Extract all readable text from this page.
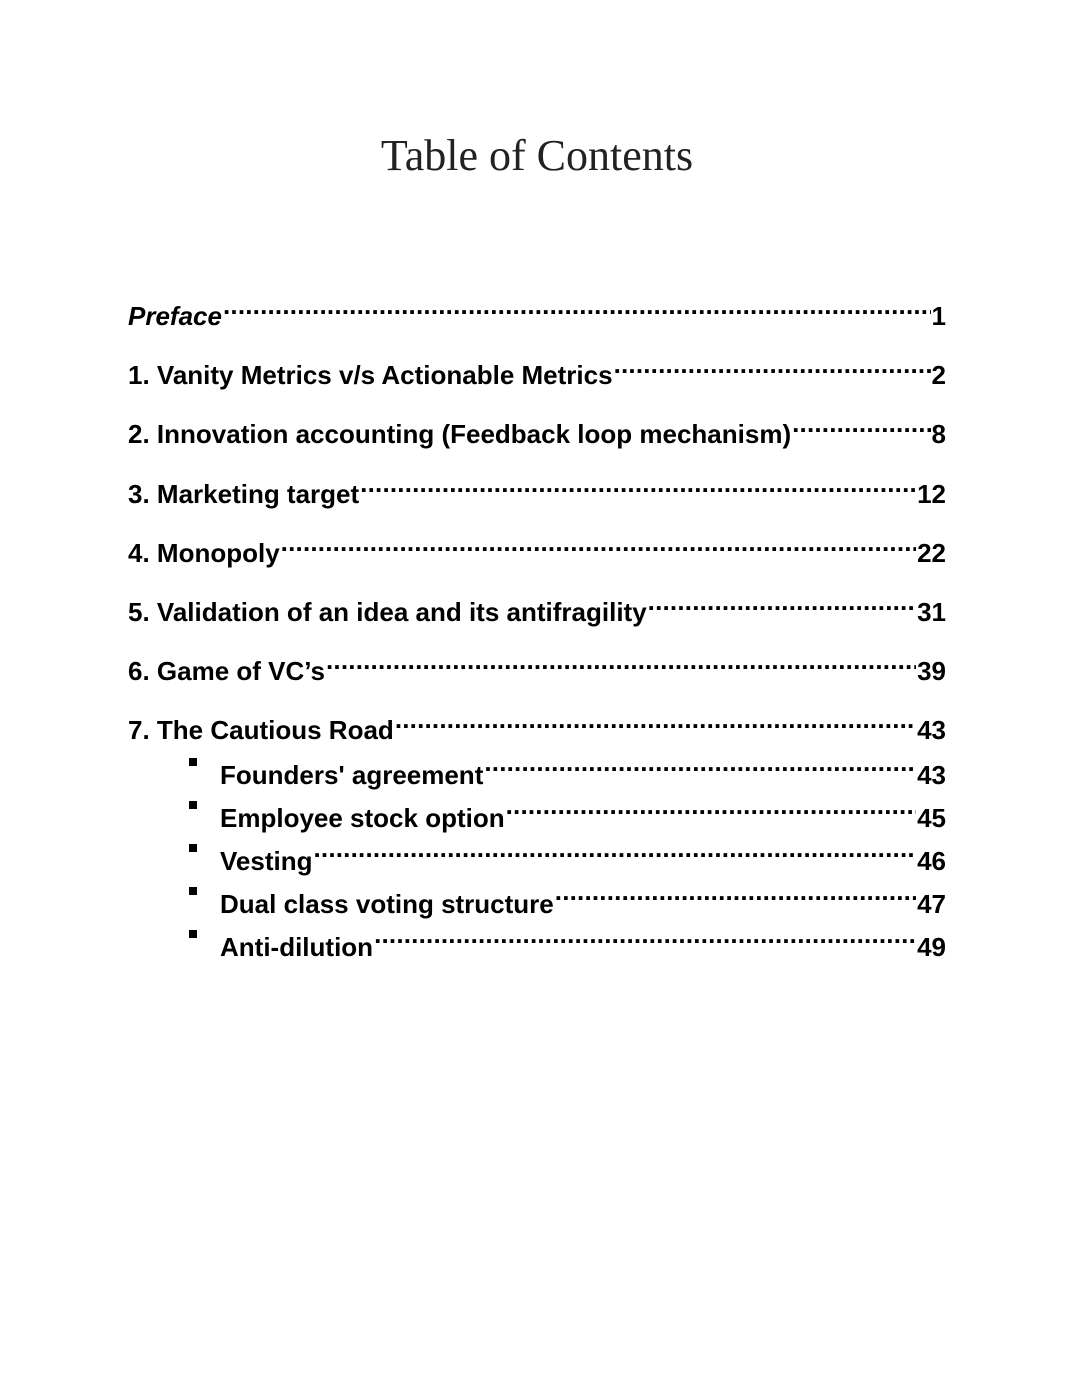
Table of Contents
Preface .....	1
1. Vanity Metrics v/s Actionable Metrics .....	2
2. Innovation accounting (Feedback loop mechanism) .....	8
3. Marketing target .....	12
4. Monopoly .....	22
5. Validation of an idea and its antifragility .....	31
6. Game of VC’s .....	39
7. The Cautious Road .....	43
Founders' agreement .....	43
Employee stock option .....	45
Vesting .....	46
Dual class voting structure .....	47
Anti-dilution .....	49
